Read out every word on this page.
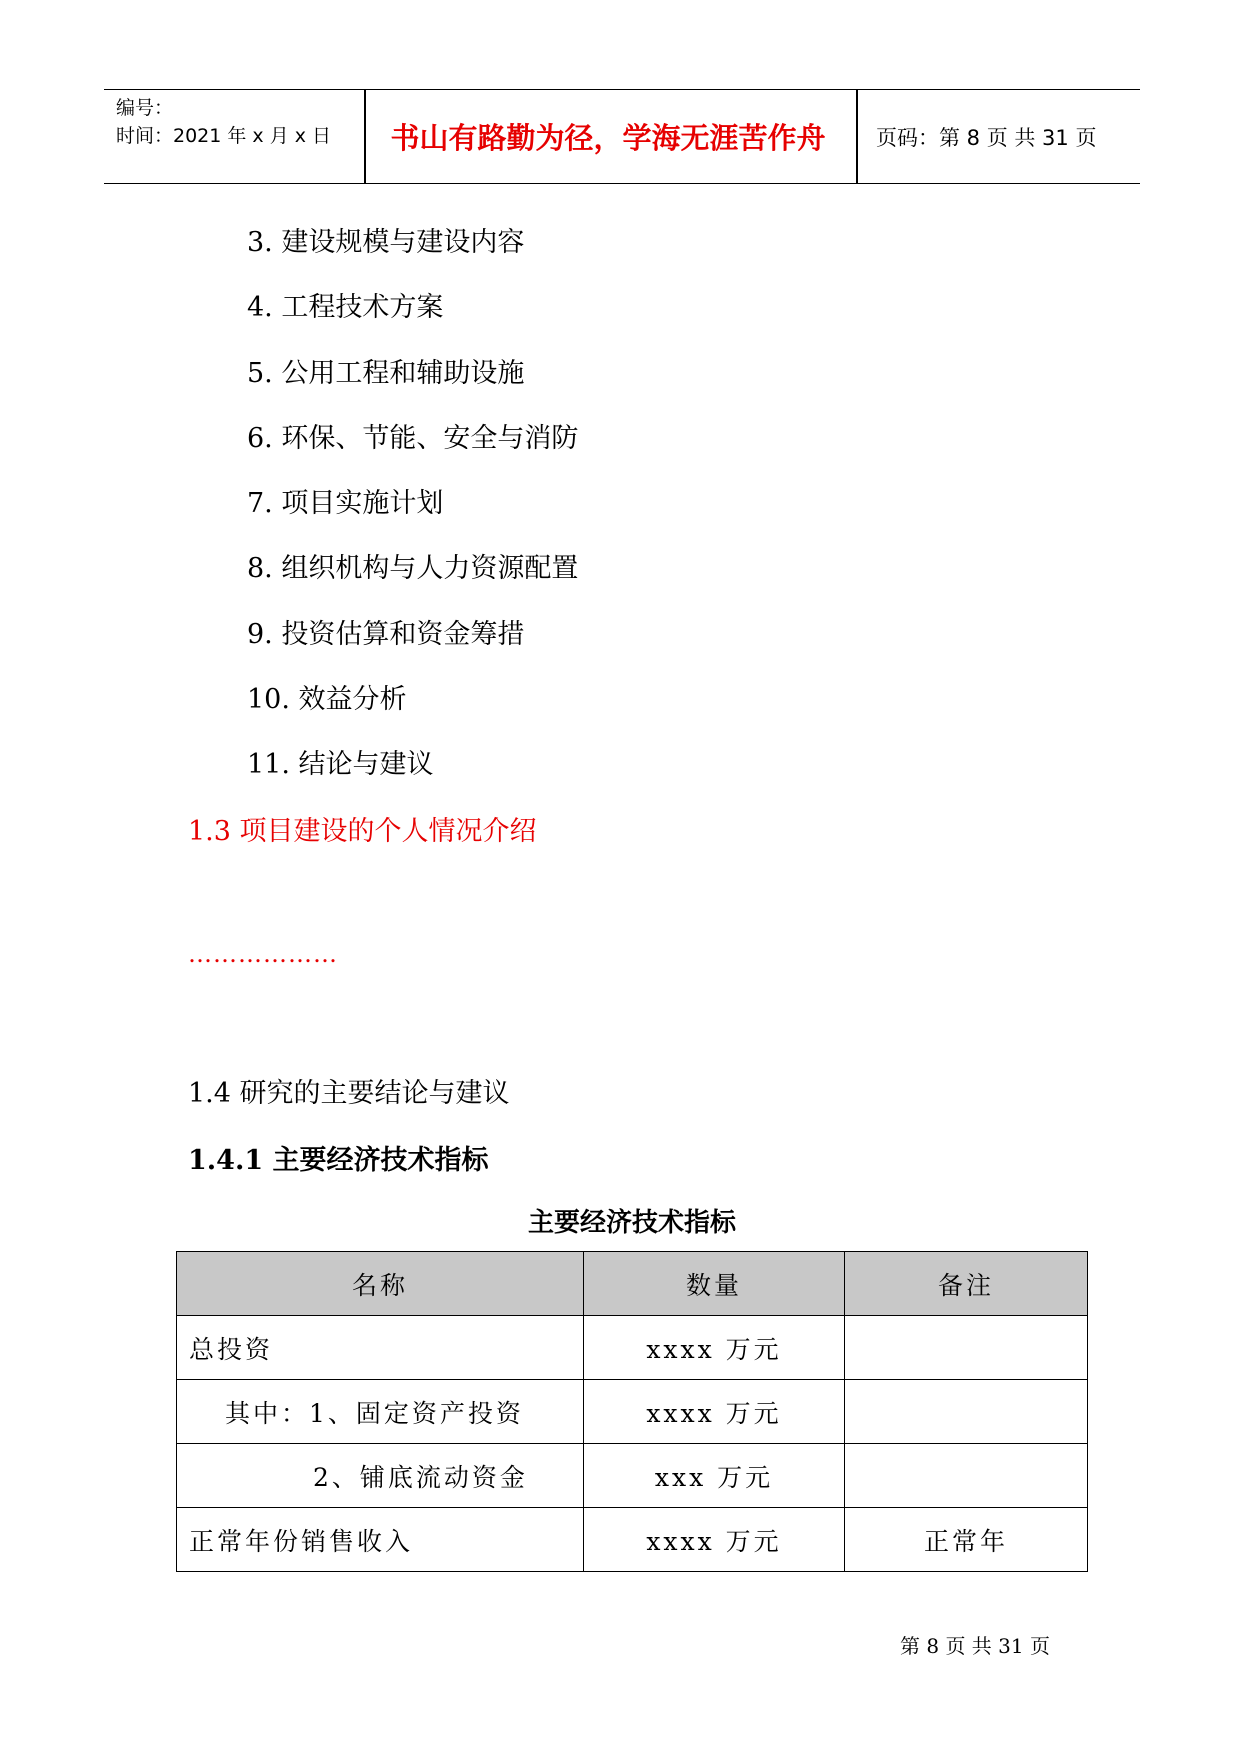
编号：
时间：2021 年 x 月 x 日	书山有路勤为径，学海无涯苦作舟	页码：第 8 页 共 31 页
3. 建设规模与建设内容
4. 工程技术方案
5. 公用工程和辅助设施
6. 环保、节能、安全与消防
7. 项目实施计划
8. 组织机构与人力资源配置
9. 投资估算和资金筹措
10. 效益分析
11. 结论与建议
1.3 项目建设的个人情况介绍
………………
1.4 研究的主要结论与建议
1.4.1 主要经济技术指标
主要经济技术指标
名称	数量	备注
总投资	xxxx 万元	
其中：1、固定资产投资	xxxx 万元	
2、铺底流动资金	xxx 万元	
正常年份销售收入	xxxx 万元	正常年
第 8 页 共 31 页
